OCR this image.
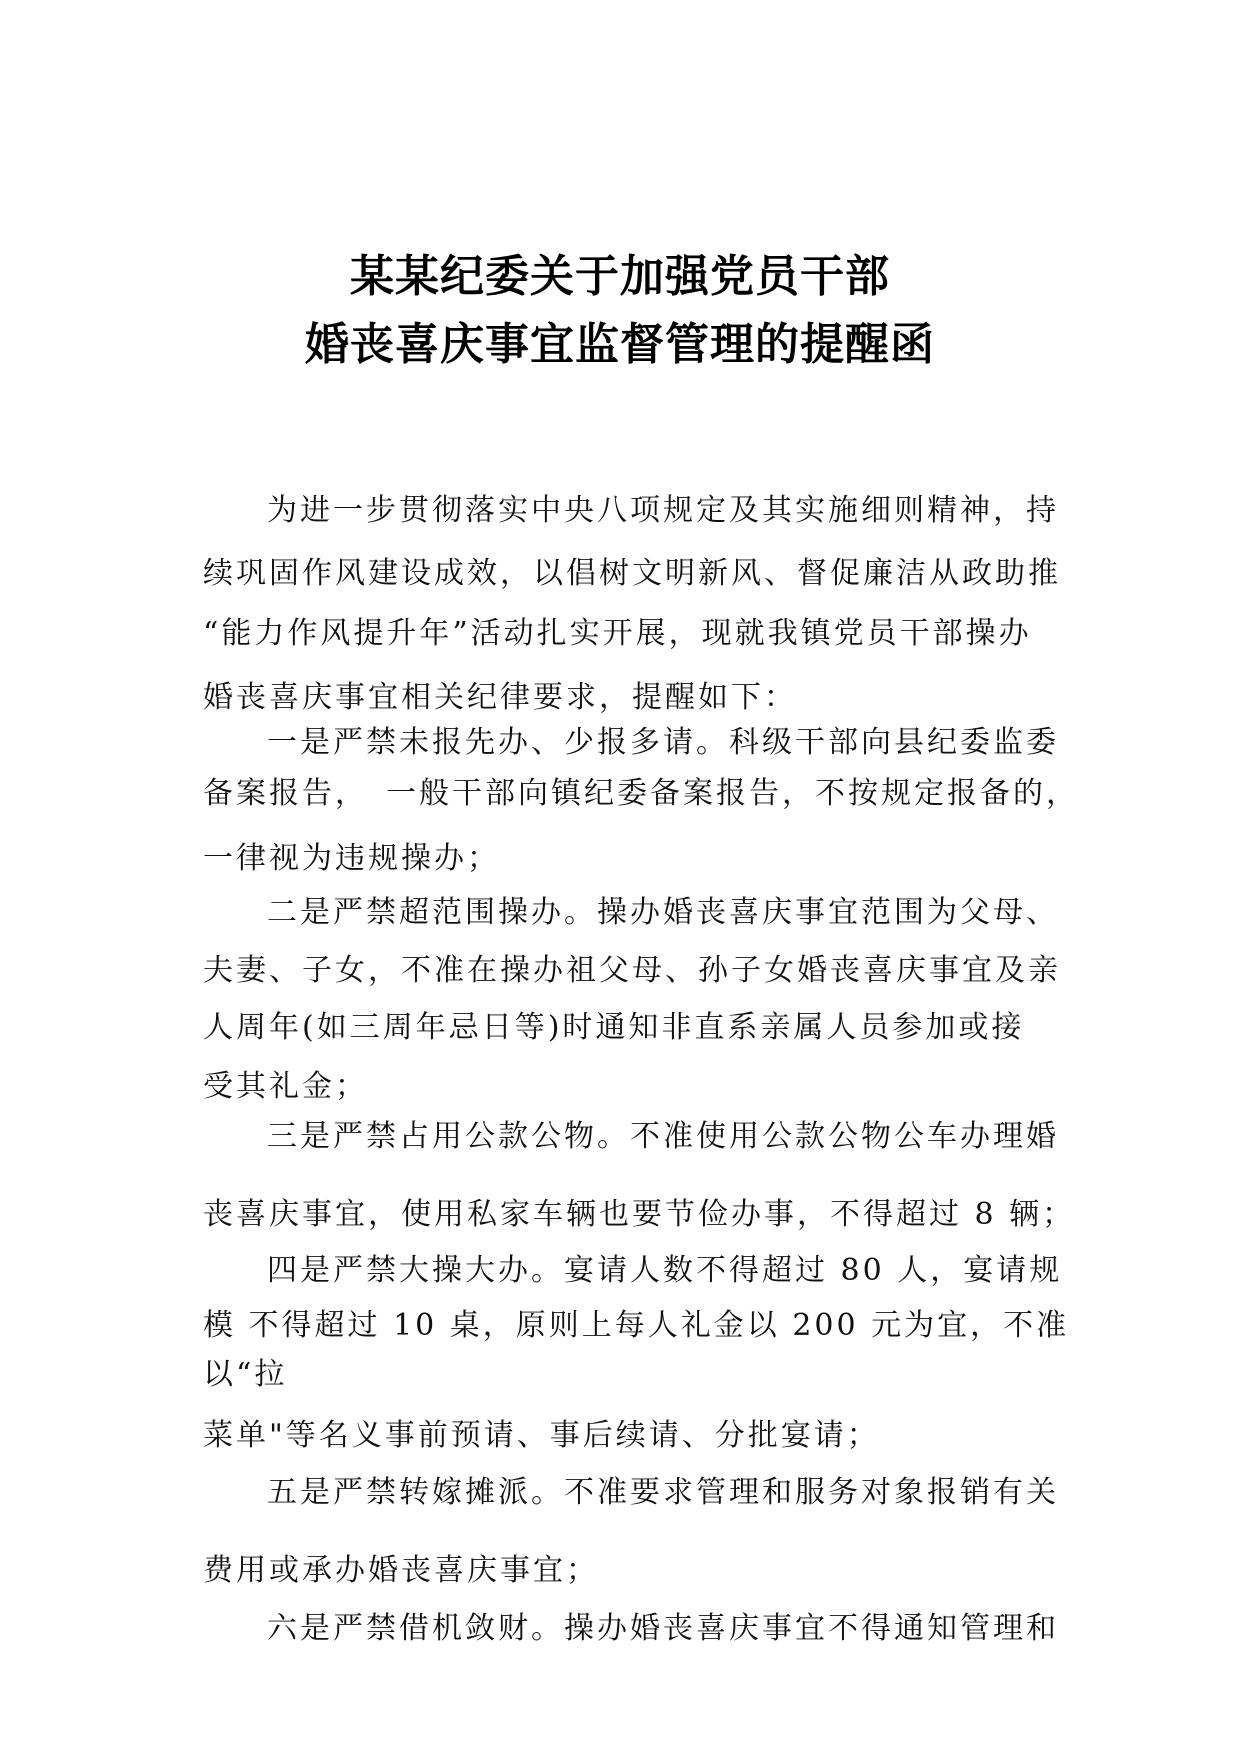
某某纪委关于加强党员干部
婚丧喜庆事宜监督管理的提醒函
为进一步贯彻落实中央八项规定及其实施细则精神，持
续巩固作风建设成效，以倡树文明新风、督促廉洁从政助推
“能力作风提升年”活动扎实开展，现就我镇党员干部操办
婚丧喜庆事宜相关纪律要求，提醒如下：
一是严禁未报先办、少报多请。科级干部向县纪委监委
备案报告，　一般干部向镇纪委备案报告，不按规定报备的，
一律视为违规操办；
二是严禁超范围操办。操办婚丧喜庆事宜范围为父母、
夫妻、子女，不准在操办祖父母、孙子女婚丧喜庆事宜及亲
人周年(如三周年忌日等)时通知非直系亲属人员参加或接
受其礼金；
三是严禁占用公款公物。不准使用公款公物公车办理婚
丧喜庆事宜，使用私家车辆也要节俭办事，不得超过 8 辆；
四是严禁大操大办。宴请人数不得超过 80 人，宴请规
模 不得超过 10 桌，原则上每人礼金以 200 元为宜，不准
以“拉
菜单"等名义事前预请、事后续请、分批宴请；
五是严禁转嫁摊派。不准要求管理和服务对象报销有关
费用或承办婚丧喜庆事宜；
六是严禁借机敛财。操办婚丧喜庆事宜不得通知管理和
